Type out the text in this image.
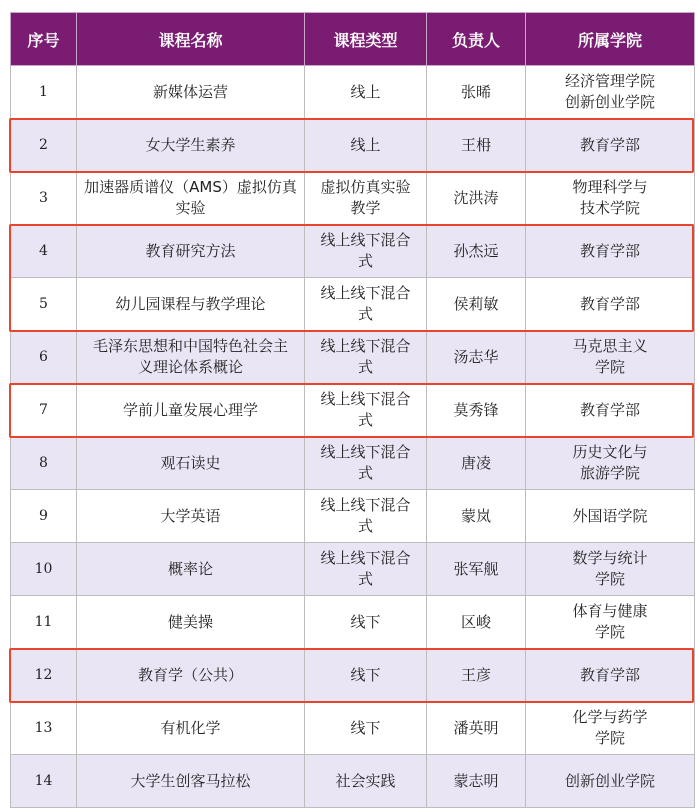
序号	课程名称	课程类型	负责人	所属学院
1	新媒体运营	线上	张晞	经济管理学院
创新创业学院
2	女大学生素养	线上	王枏	教育学部
3	加速器质谱仪（AMS）虚拟仿真
实验	虚拟仿真实验
教学	沈洪涛	物理科学与
技术学院
4	教育研究方法	线上线下混合
式	孙杰远	教育学部
5	幼儿园课程与教学理论	线上线下混合
式	侯莉敏	教育学部
6	毛泽东思想和中国特色社会主
义理论体系概论	线上线下混合
式	汤志华	马克思主义
学院
7	学前儿童发展心理学	线上线下混合
式	莫秀锋	教育学部
8	观石读史	线上线下混合
式	唐凌	历史文化与
旅游学院
9	大学英语	线上线下混合
式	蒙岚	外国语学院
10	概率论	线上线下混合
式	张军舰	数学与统计
学院
11	健美操	线下	区峻	体育与健康
学院
12	教育学（公共）	线下	王彦	教育学部
13	有机化学	线下	潘英明	化学与药学
学院
14	大学生创客马拉松	社会实践	蒙志明	创新创业学院
